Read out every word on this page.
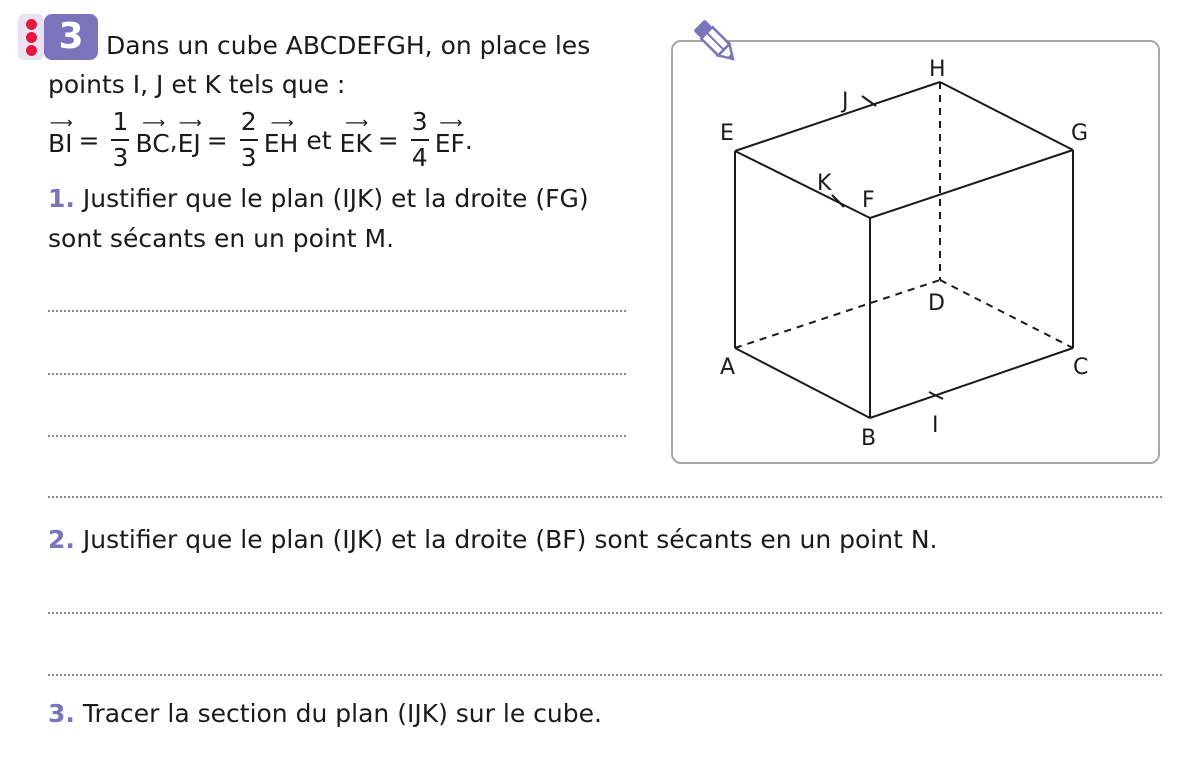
3 Dans un cube ABCDEFGH, on place les
points I, J et K tels que :
⟶
BI = $\frac{1}{3}$ ⟶
BC ,
⟶
EJ = $\frac{2}{3}$ ⟶
EH et
⟶
EK = $\frac{3}{4}$ ⟶
EF .
1. Justifier que le plan (IJK) et la droite (FG)
sont sécants en un point M.
2. Justifier que le plan (IJK) et la droite (BF) sont sécants en un point N.
3. Tracer la section du plan (IJK) sur le cube.
H
E	G
F
D
A	C
B
I
J
K
